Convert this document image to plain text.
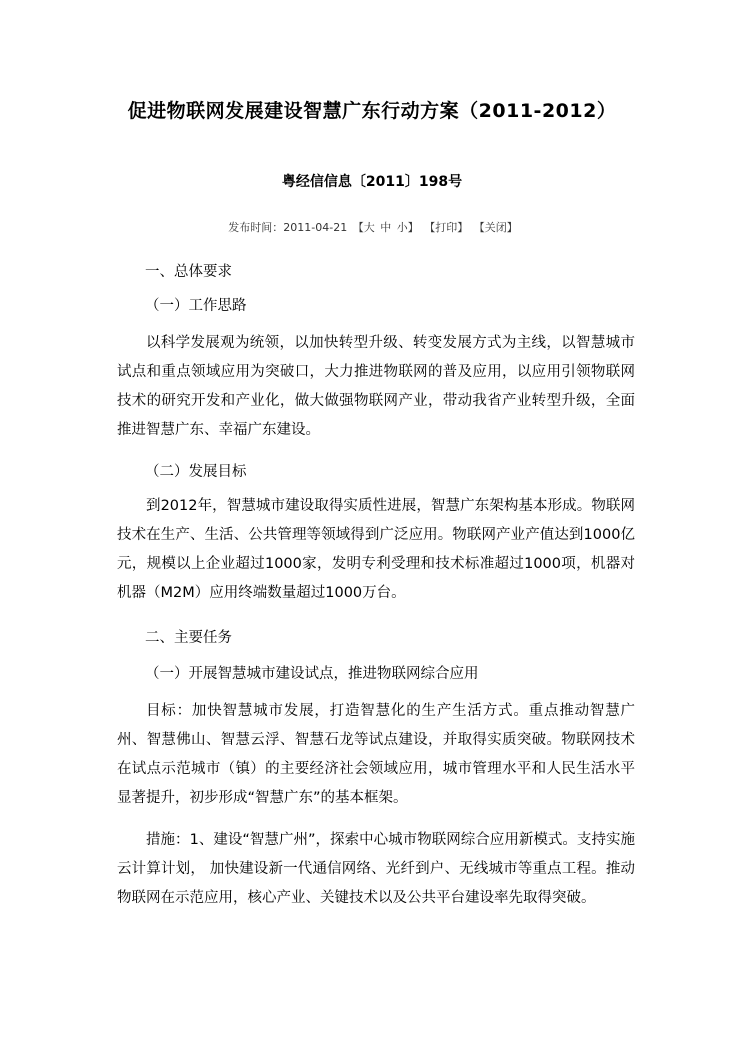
促进物联网发展建设智慧广东行动方案（2011-2012）
粤经信信息〔2011〕198号
发布时间：2011-04-21 【大 中 小】 【打印】 【关闭】
一、总体要求
（一）工作思路
以科学发展观为统领，以加快转型升级、转变发展方式为主线，以智慧城市试点和重点领域应用为突破口，大力推进物联网的普及应用，以应用引领物联网技术的研究开发和产业化，做大做强物联网产业，带动我省产业转型升级，全面推进智慧广东、幸福广东建设。
（二）发展目标
到2012年，智慧城市建设取得实质性进展，智慧广东架构基本形成。物联网技术在生产、生活、公共管理等领域得到广泛应用。物联网产业产值达到1000亿元，规模以上企业超过1000家，发明专利受理和技术标准超过1000项，机器对机器（M2M）应用终端数量超过1000万台。
二、主要任务
（一）开展智慧城市建设试点，推进物联网综合应用
目标：加快智慧城市发展，打造智慧化的生产生活方式。重点推动智慧广州、智慧佛山、智慧云浮、智慧石龙等试点建设，并取得实质突破。物联网技术在试点示范城市（镇）的主要经济社会领域应用，城市管理水平和人民生活水平显著提升，初步形成“智慧广东”的基本框架。
措施：1、建设“智慧广州”，探索中心城市物联网综合应用新模式。支持实施云计算计划， 加快建设新一代通信网络、光纤到户、无线城市等重点工程。推动物联网在示范应用，核心产业、关键技术以及公共平台建设率先取得突破。
